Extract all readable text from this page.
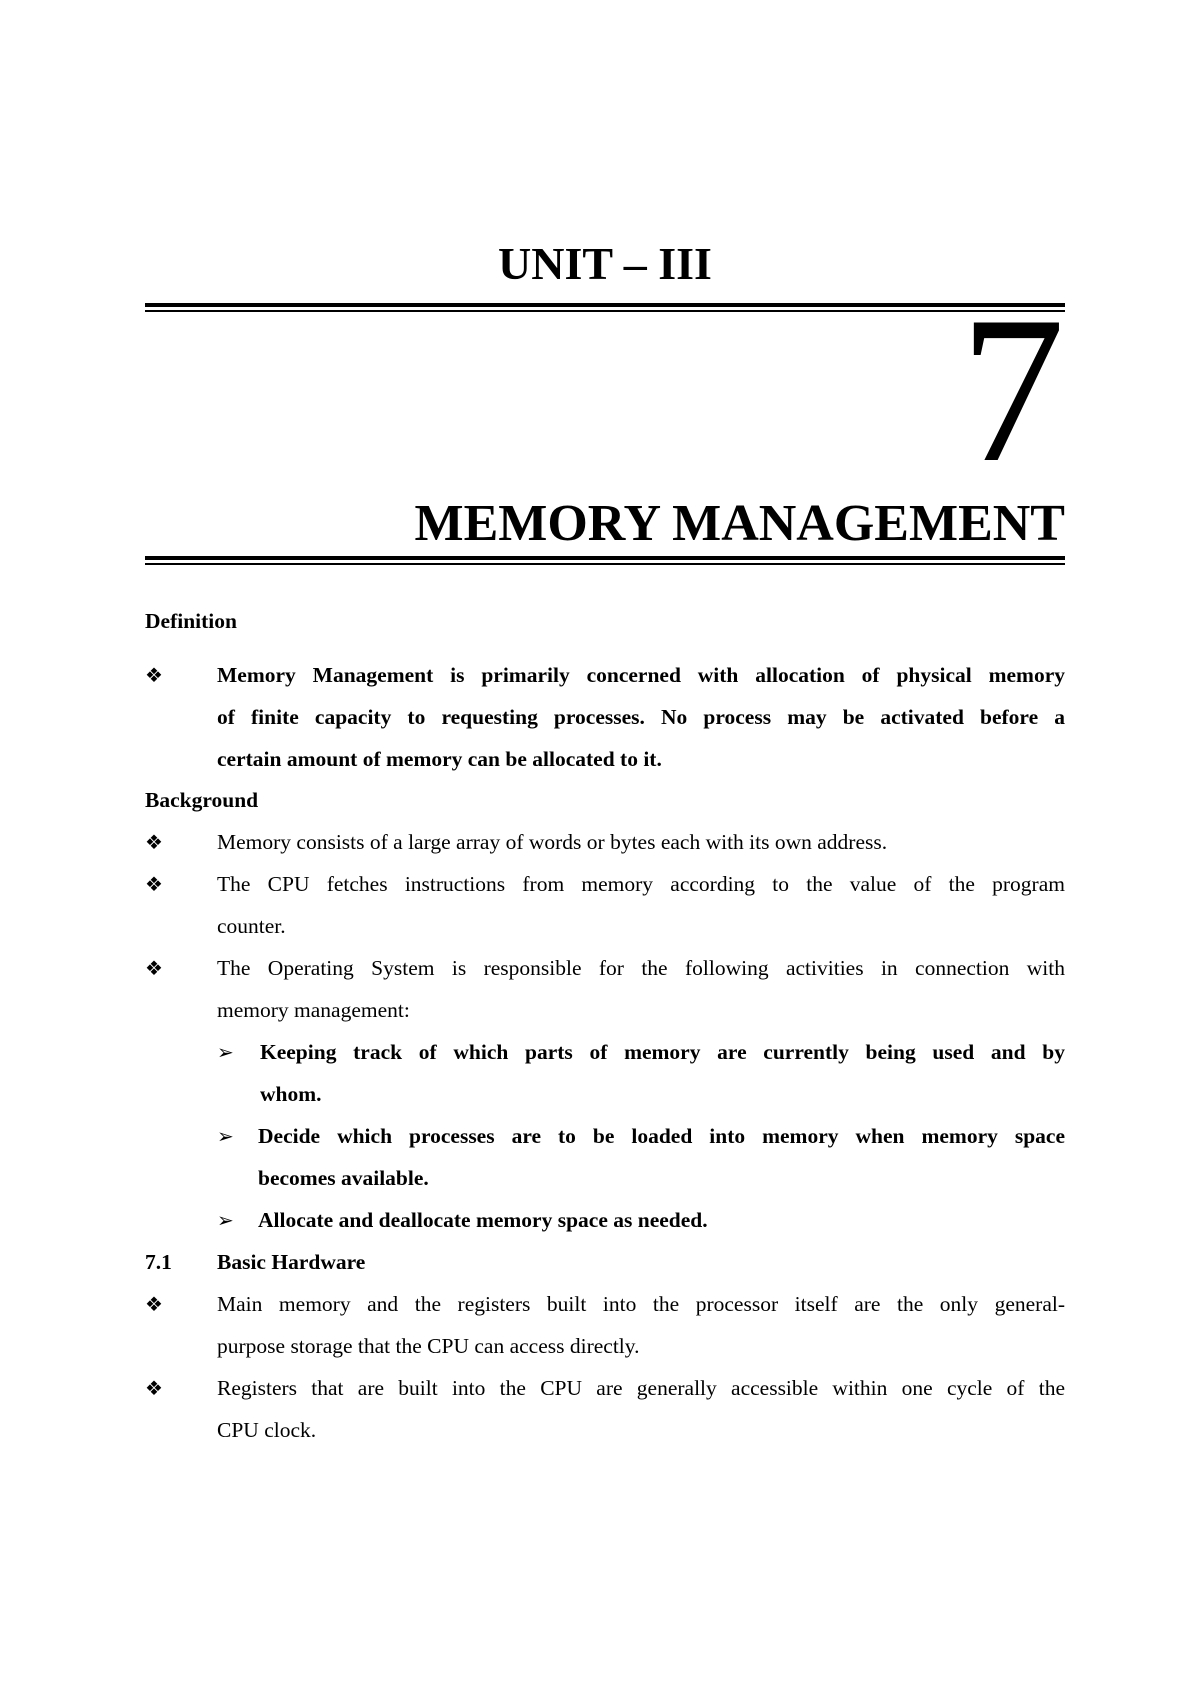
UNIT – III
7
MEMORY MANAGEMENT
Definition
❖	Memory Management is primarily concerned with allocation of physical memory
of finite capacity to requesting processes. No process may be activated before a
certain amount of memory can be allocated to it.
Background
❖	Memory consists of a large array of words or bytes each with its own address.
❖	The CPU fetches instructions from memory according to the value of the program
counter.
❖	The Operating System is responsible for the following activities in connection with
memory management:
➢ Keeping track of which parts of memory are currently being used and by
whom.
➢ Decide which processes are to be loaded into memory when memory space
becomes available.
➢ Allocate and deallocate memory space as needed.
7.1 Basic Hardware
❖	Main memory and the registers built into the processor itself are the only general-
purpose storage that the CPU can access directly.
❖	Registers that are built into the CPU are generally accessible within one cycle of the
CPU clock.
